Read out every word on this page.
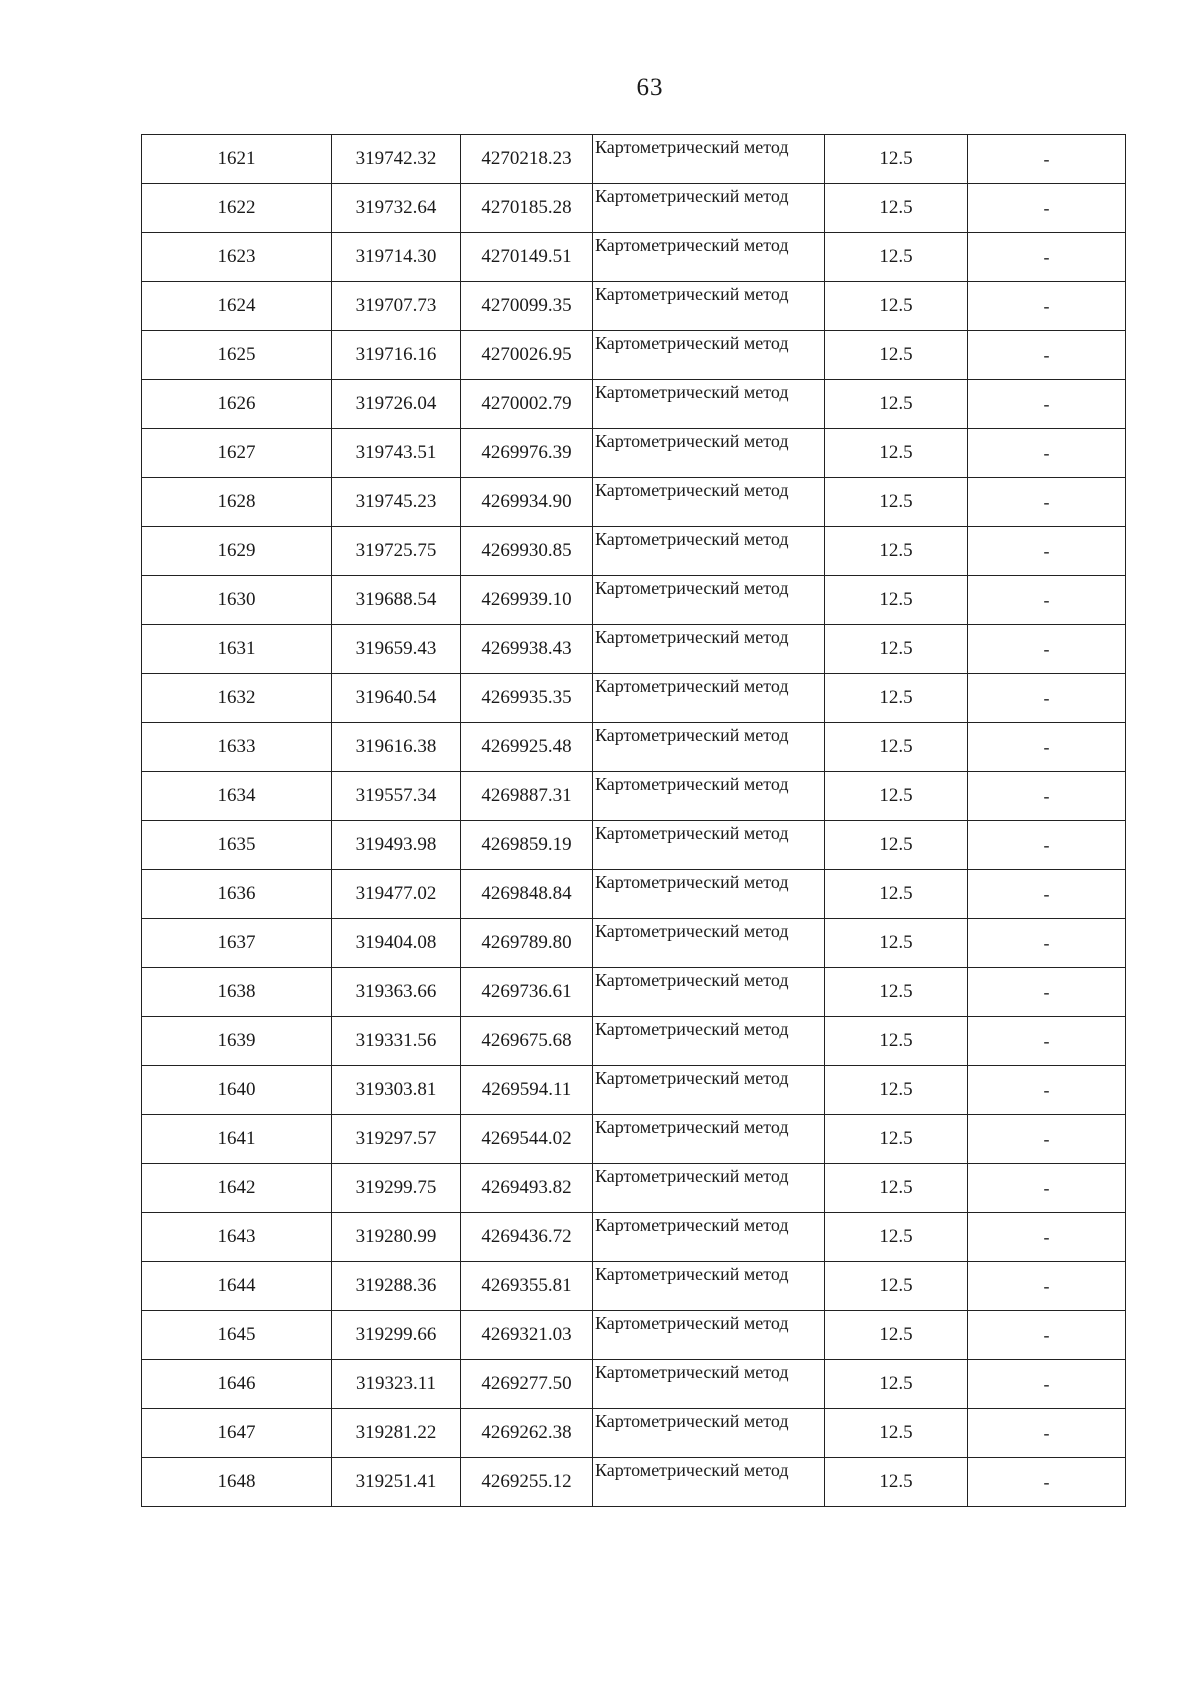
63
1621	319742.32	4270218.23	Картометрический метод	12.5	-
1622	319732.64	4270185.28	Картометрический метод	12.5	-
1623	319714.30	4270149.51	Картометрический метод	12.5	-
1624	319707.73	4270099.35	Картометрический метод	12.5	-
1625	319716.16	4270026.95	Картометрический метод	12.5	-
1626	319726.04	4270002.79	Картометрический метод	12.5	-
1627	319743.51	4269976.39	Картометрический метод	12.5	-
1628	319745.23	4269934.90	Картометрический метод	12.5	-
1629	319725.75	4269930.85	Картометрический метод	12.5	-
1630	319688.54	4269939.10	Картометрический метод	12.5	-
1631	319659.43	4269938.43	Картометрический метод	12.5	-
1632	319640.54	4269935.35	Картометрический метод	12.5	-
1633	319616.38	4269925.48	Картометрический метод	12.5	-
1634	319557.34	4269887.31	Картометрический метод	12.5	-
1635	319493.98	4269859.19	Картометрический метод	12.5	-
1636	319477.02	4269848.84	Картометрический метод	12.5	-
1637	319404.08	4269789.80	Картометрический метод	12.5	-
1638	319363.66	4269736.61	Картометрический метод	12.5	-
1639	319331.56	4269675.68	Картометрический метод	12.5	-
1640	319303.81	4269594.11	Картометрический метод	12.5	-
1641	319297.57	4269544.02	Картометрический метод	12.5	-
1642	319299.75	4269493.82	Картометрический метод	12.5	-
1643	319280.99	4269436.72	Картометрический метод	12.5	-
1644	319288.36	4269355.81	Картометрический метод	12.5	-
1645	319299.66	4269321.03	Картометрический метод	12.5	-
1646	319323.11	4269277.50	Картометрический метод	12.5	-
1647	319281.22	4269262.38	Картометрический метод	12.5	-
1648	319251.41	4269255.12	Картометрический метод	12.5	-
